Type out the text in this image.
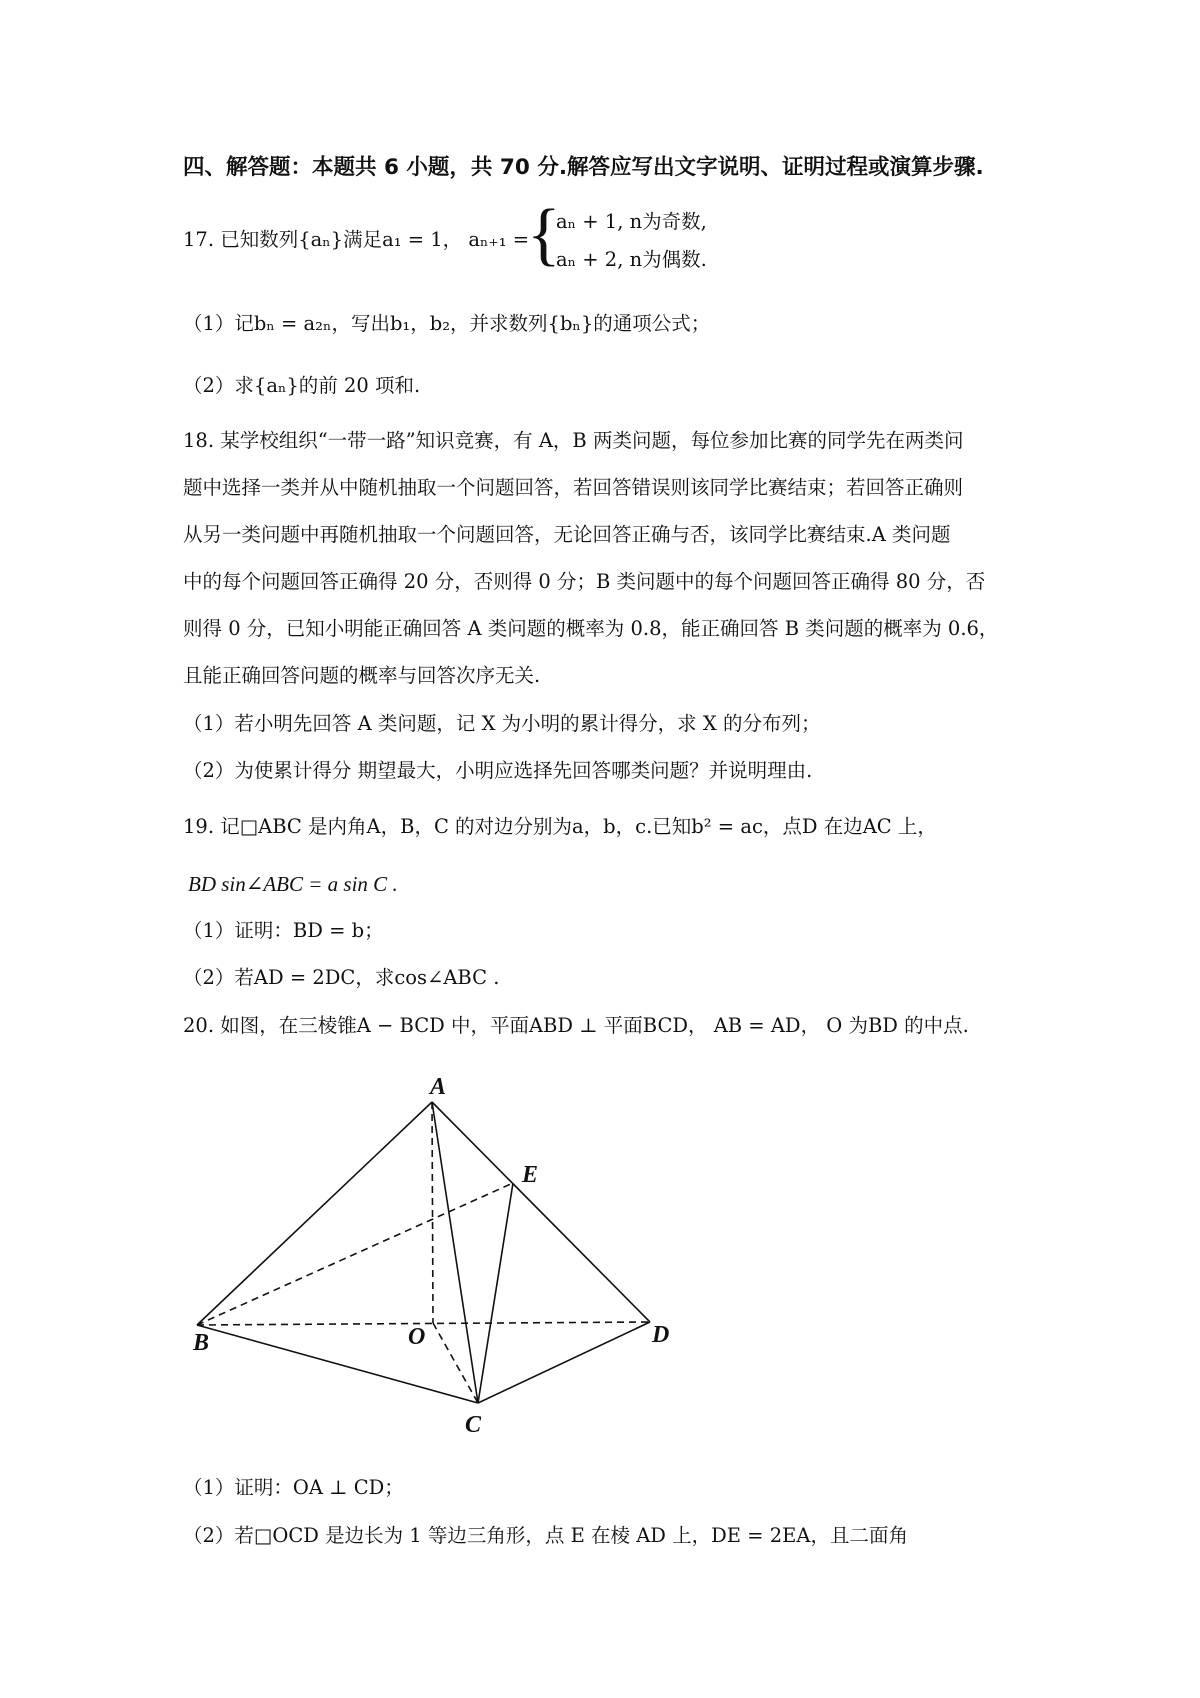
四、解答题：本题共 6 小题，共 70 分.解答应写出文字说明、证明过程或演算步骤.
17. 已知数列{aₙ}满足a₁ = 1， aₙ₊₁ =
{
aₙ + 1, n为奇数,
aₙ + 2, n为偶数.
（1）记bₙ = a₂ₙ，写出b₁，b₂，并求数列{bₙ}的通项公式；
（2）求{aₙ}的前 20 项和.
18. 某学校组织“一带一路”知识竞赛，有 A，B 两类问题，每位参加比赛的同学先在两类问
题中选择一类并从中随机抽取一个问题回答，若回答错误则该同学比赛结束；若回答正确则
从另一类问题中再随机抽取一个问题回答，无论回答正确与否，该同学比赛结束.A 类问题
中的每个问题回答正确得 20 分，否则得 0 分；B 类问题中的每个问题回答正确得 80 分，否
则得 0 分，已知小明能正确回答 A 类问题的概率为 0.8，能正确回答 B 类问题的概率为 0.6，
且能正确回答问题的概率与回答次序无关.
（1）若小明先回答 A 类问题，记 X 为小明的累计得分，求 X 的分布列；
（2）为使累计得分 期望最大，小明应选择先回答哪类问题？并说明理由.
19. 记□ABC 是内角A，B，C 的对边分别为a，b，c.已知b² = ac，点D 在边AC 上，
BD sin∠ABC = a sin C .
（1）证明：BD = b；
（2）若AD = 2DC，求cos∠ABC .
20. 如图，在三棱锥A − BCD 中，平面ABD ⊥ 平面BCD， AB = AD， O 为BD 的中点.
A
E
B	O	D
C
（1）证明：OA ⊥ CD；
（2）若□OCD 是边长为 1 等边三角形，点 E 在棱 AD 上，DE = 2EA，且二面角
